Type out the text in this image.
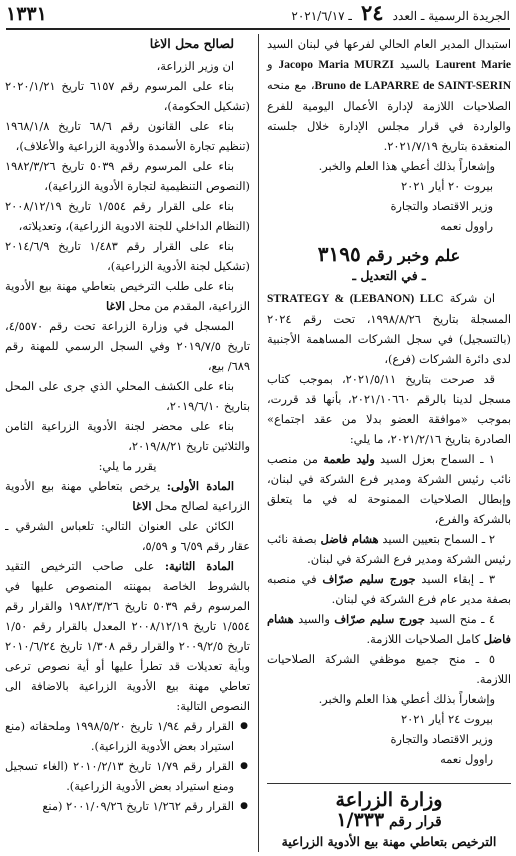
الجريدة الرسمية ـ العدد ٢٤ ـ ٢٠٢١/٦/١٧
١٣٣١

استبدال المدير العام الحالي لفرعها في لبنان السيد Laurent Marie بالسيد Jacopo Maria MURZI و Bruno de LAPARRE de SAINT-SERIN، مع منحه الصلاحيات اللازمة لإدارة الأعمال اليومية للفرع والواردة في قرار مجلس الإدارة خلال جلسته المنعقدة بتاريخ ٢٠٢١/٧/١٩.

وإشعاراً بذلك أعطي هذا العلم والخبر.

بيروت ٢٠ أيار ٢٠٢١

وزير الاقتصاد والتجارة

راوول نعمه

علم وخبر رقم ٣١٩٥
ـ في التعديل ـ

ان شركة STRATEGY & (LEBANON) LLC المسجلة بتاريخ ١٩٩٨/٨/٢٦، تحت رقم ٢٠٢٤ (بالتسجيل) في سجل الشركات المساهمة الأجنبية لدى دائرة الشركات (فرع)،

قد صرحت بتاريخ ٢٠٢١/٥/١١، بموجب كتاب مسجل لدينا بالرقم ٢٠٢١/١٠٦٦٠، بأنها قد قررت، بموجب «موافقة العضو بدلا من عقد اجتماع» الصادرة بتاريخ ٢٠٢١/٢/١٦، ما يلي:

١ ـ السماح بعزل السيد وليد طعمة من منصب نائب رئيس الشركة ومدير فرع الشركة في لبنان، وإبطال الصلاحيات الممنوحة له في ما يتعلق بالشركة والفرع،

٢ ـ السماح بتعيين السيد هشام فاضل بصفة نائب رئيس الشركة ومدير فرع الشركة في لبنان.

٣ ـ إبقاء السيد جورج سليم صرّاف في منصبه بصفة مدير عام فرع الشركة في لبنان.

٤ ـ منح السيد جورج سليم صرّاف والسيد هشام فاضل كامل الصلاحيات اللازمة.

٥ ـ منح جميع موظفي الشركة الصلاحيات اللازمة.

وإشعاراً بذلك أعطي هذا العلم والخبر.

بيروت ٢٤ أيار ٢٠٢١

وزير الاقتصاد والتجارة

راوول نعمه

وزارة الزراعة
قرار رقم ١/٣٣٣
الترخيص بتعاطي مهنة بيع الأدوية الزراعية
لصالح محل الاغا

ان وزير الزراعة،

بناء على المرسوم رقم ٦١٥٧ تاريخ ٢٠٢٠/١/٢١ (تشكيل الحكومة)،

بناء على القانون رقم ٦٨/٦ تاريخ ١٩٦٨/١/٨ (تنظيم تجارة الأسمدة والأدوية الزراعية والأعلاف)،

بناء على المرسوم رقم ٥٠٣٩ تاريخ ١٩٨٢/٣/٢٦ (النصوص التنظيمية لتجارة الأدوية الزراعية)،

بناء على القرار رقم ١/٥٥٤ تاريخ ٢٠٠٨/١٢/١٩ (النظام الداخلي للجنة الادوية الزراعية)، وتعديلاته،

بناء على القرار رقم ١/٤٨٣ تاريخ ٢٠١٤/٦/٩ (تشكيل لجنة الأدوية الزراعية)،

بناء على طلب الترخيص بتعاطي مهنة بيع الأدوية الزراعية، المقدم من محل الاغا

المسجل في وزارة الزراعة تحت رقم ٤/٥٥٧٠، تاريخ ٢٠١٩/٧/٥ وفي السجل الرسمي للمهنة رقم ٦٨٩/ بيع،

بناء على الكشف المحلي الذي جرى على المحل بتاريخ ٢٠١٩/٦/١٠،

بناء على محضر لجنة الأدوية الزراعية الثامن والثلاثين تاريخ ٢٠١٩/٨/٢١،

يقرر ما يلي:

المادة الأولى: يرخص بتعاطي مهنة بيع الأدوية الزراعية لصالح محل الاغا

الكائن على العنوان التالي: تلعباس الشرقي ـ عقار رقم ٦/٥٩ و ٥/٥٩،

المادة الثانية: على صاحب الترخيص التقيد بالشروط الخاصة بمهنته المنصوص عليها في المرسوم رقم ٥٠٣٩ تاريخ ١٩٨٢/٣/٢٦ والقرار رقم ١/٥٥٤ تاريخ ٢٠٠٨/١٢/١٩ المعدل بالقرار رقم ١/٥٠ تاريخ ٢٠٠٩/٢/٥ والقرار رقم ١/٣٠٨ تاريخ ٢٠١٠/٦/٢٤ وبأية تعديلات قد تطرأ عليها أو أية نصوص ترعى تعاطي مهنة بيع الأدوية الزراعية بالاضافة الى النصوص التالية:

● القرار رقم ١/٩٤ تاريخ ١٩٩٨/٥/٢٠ وملحقاته (منع استيراد بعض الأدوية الزراعية).

● القرار رقم ١/٧٩ تاريخ ٢٠١٠/٢/١٣ (الغاء تسجيل ومنع استيراد بعض الأدوية الزراعية).

● القرار رقم ١/٢٦٢ تاريخ ٢٠٠١/٠٩/٢٦ (منع
